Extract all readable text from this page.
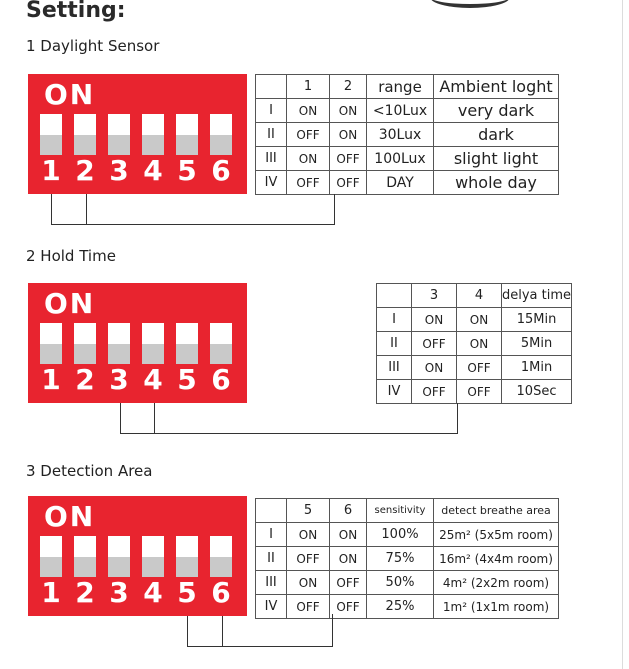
Setting:
1 Daylight Sensor
ON
1 2 3 4 5 6
	1	2	range	Ambient loght
I	ON	ON	<10Lux	very dark
II	OFF	ON	30Lux	dark
III	ON	OFF	100Lux	slight light
IV	OFF	OFF	DAY	whole day
2 Hold Time
ON
1 2 3 4 5 6
	3	4	delya time
I	ON	ON	15Min
II	OFF	ON	5Min
III	ON	OFF	1Min
IV	OFF	OFF	10Sec
3 Detection Area
ON
1 2 3 4 5 6
	5	6	sensitivity	detect breathe area
I	ON	ON	100%	25m² (5x5m room)
II	OFF	ON	75%	16m² (4x4m room)
III	ON	OFF	50%	4m² (2x2m room)
IV	OFF	OFF	25%	1m² (1x1m room)
